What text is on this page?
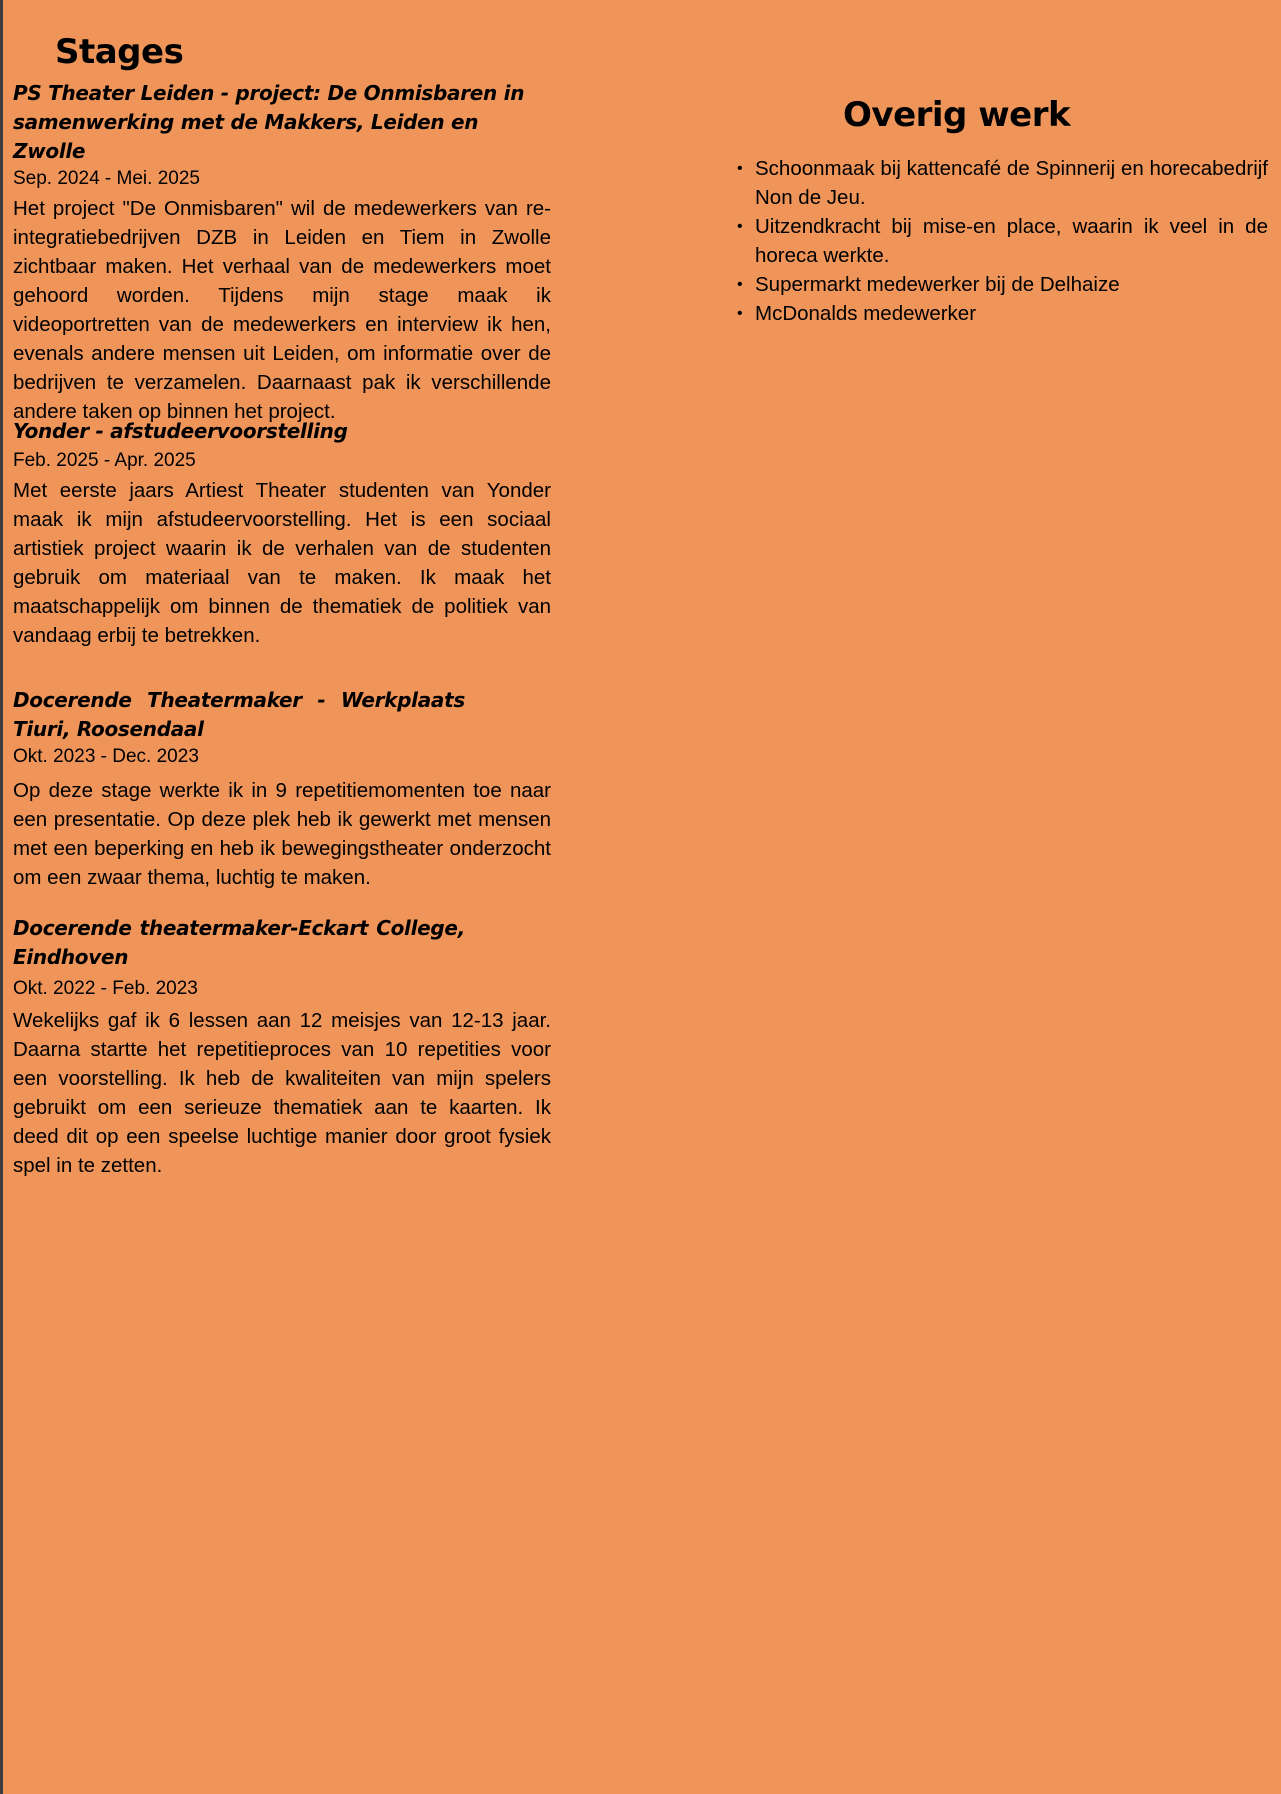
Stages

PS Theater Leiden - project: De Onmisbaren in samenwerking met de Makkers, Leiden en Zwolle

Sep. 2024 - Mei. 2025

Het project "De Onmisbaren" wil de medewerkers van re-integratiebedrijven DZB in Leiden en Tiem in Zwolle zichtbaar maken. Het verhaal van de medewerkers moet gehoord worden. Tijdens mijn stage maak ik videoportretten van de medewerkers en interview ik hen, evenals andere mensen uit Leiden, om informatie over de bedrijven te verzamelen. Daarnaast pak ik verschillende andere taken op binnen het project.

Yonder - afstudeervoorstelling

Feb. 2025 - Apr. 2025

Met eerste jaars Artiest Theater studenten van Yonder maak ik mijn afstudeervoorstelling. Het is een sociaal artistiek project waarin ik de verhalen van de studenten gebruik om materiaal van te maken. Ik maak het maatschappelijk om binnen de thematiek de politiek van vandaag erbij te betrekken.

Docerende Theatermaker - Werkplaats Tiuri, Roosendaal

Okt. 2023 - Dec. 2023

Op deze stage werkte ik in 9 repetitiemomenten toe naar een presentatie. Op deze plek heb ik gewerkt met mensen met een beperking en heb ik bewegingstheater onderzocht om een zwaar thema, luchtig te maken.

Docerende theatermaker-Eckart College, Eindhoven

Okt. 2022 - Feb. 2023

Wekelijks gaf ik 6 lessen aan 12 meisjes van 12-13 jaar. Daarna startte het repetitieproces van 10 repetities voor een voorstelling. Ik heb de kwaliteiten van mijn spelers gebruikt om een serieuze thematiek aan te kaarten. Ik deed dit op een speelse luchtige manier door groot fysiek spel in te zetten.

Overig werk
• Schoonmaak bij kattencafé de Spinnerij en horecabedrijf Non de Jeu.
• Uitzendkracht bij mise-en place, waarin ik veel in de horeca werkte.
• Supermarkt medewerker bij de Delhaize
• McDonalds medewerker
